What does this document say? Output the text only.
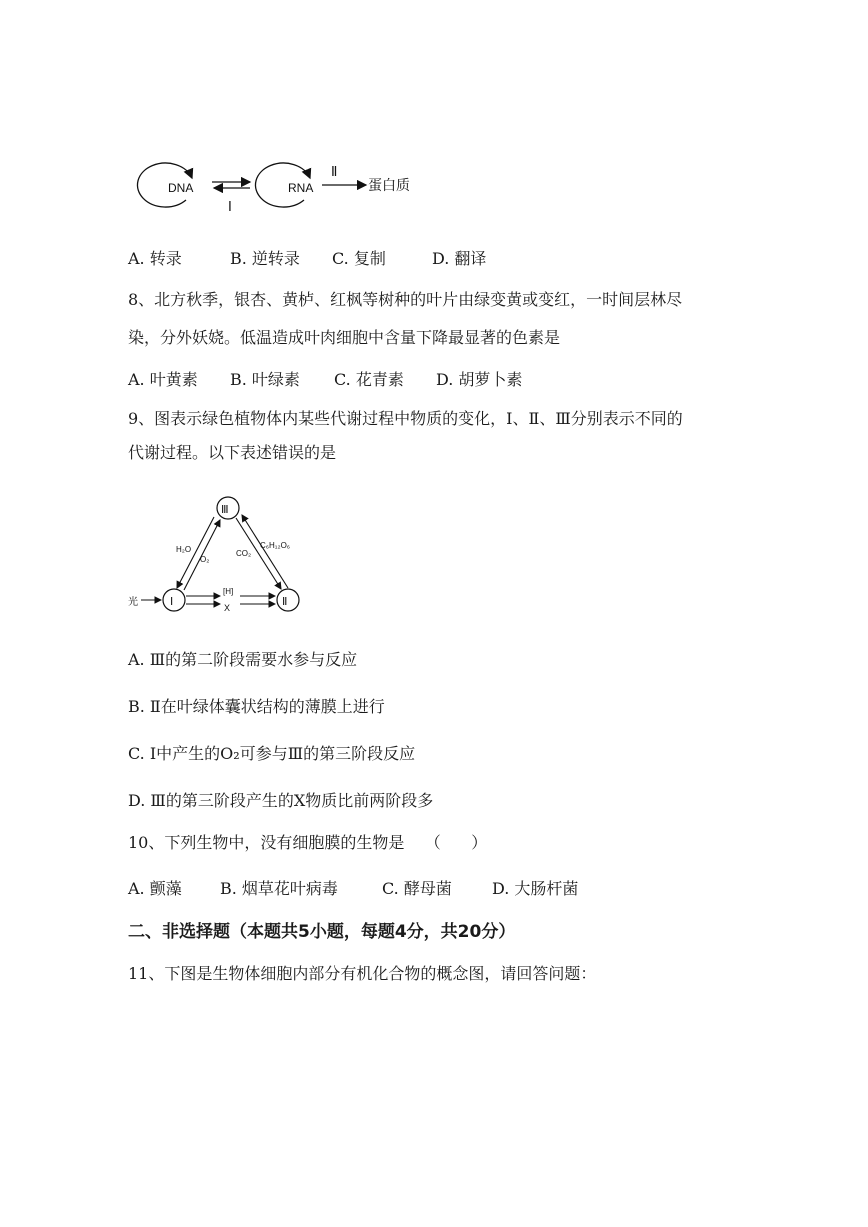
DNA
Ⅰ
RNA
Ⅱ
蛋白质
A. 转录	B. 逆转录 C. 复制	D. 翻译
8、北方秋季，银杏、黄栌、红枫等树种的叶片由绿变黄或变红，一时间层林尽
染，分外妖娆。低温造成叶肉细胞中含量下降最显著的色素是
A. 叶黄素 B. 叶绿素 C. 花青素 D. 胡萝卜素
9、图表示绿色植物体内某些代谢过程中物质的变化，Ⅰ、Ⅱ、Ⅲ分别表示不同的
代谢过程。以下表述错误的是
Ⅲ
Ⅰ	Ⅱ
光
H₂O
O₂
CO₂
C₆H₁₂O₆
[H]
X
A. Ⅲ的第二阶段需要水参与反应
B. Ⅱ在叶绿体囊状结构的薄膜上进行
C. Ⅰ中产生的O₂可参与Ⅲ的第三阶段反应
D. Ⅲ的第三阶段产生的X物质比前两阶段多
10、下列生物中，没有细胞膜的生物是    （      ）
A. 颤藻 B. 烟草花叶病毒	C. 酵母菌	D. 大肠杆菌
二、非选择题（本题共5小题，每题4分，共20分）
11、下图是生物体细胞内部分有机化合物的概念图，请回答问题：
